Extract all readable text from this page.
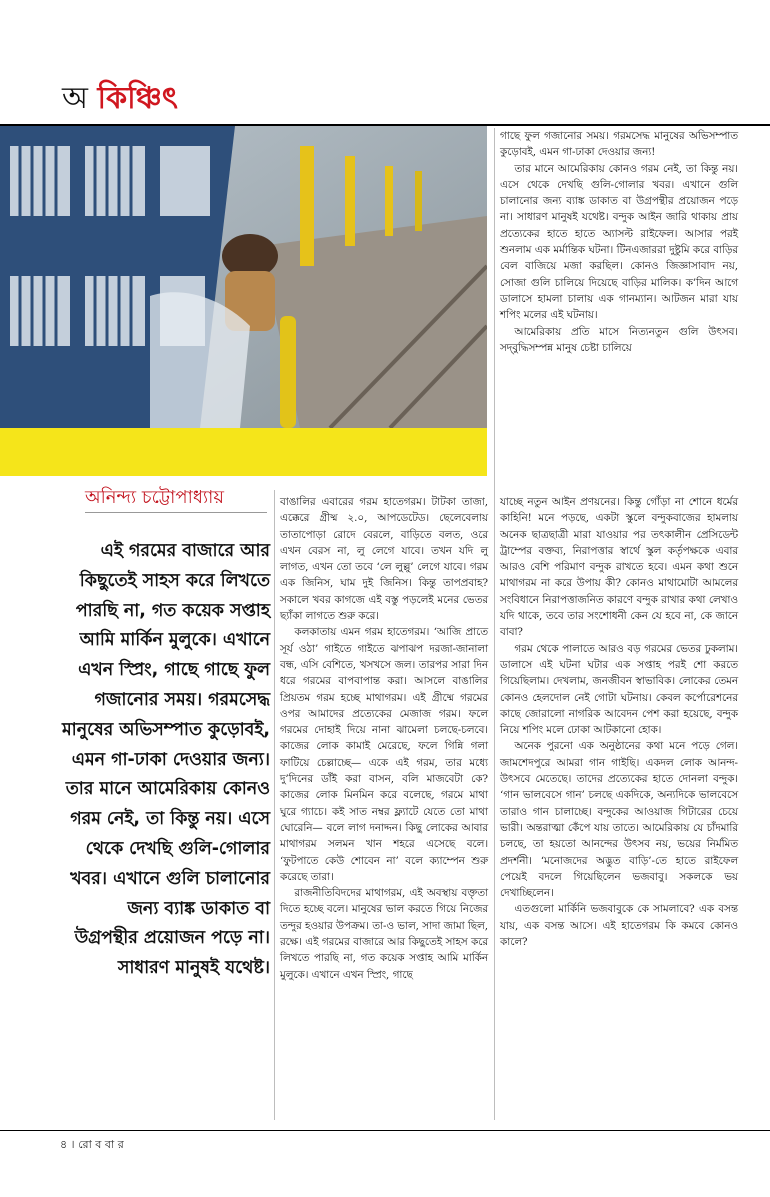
অ কিঞ্চিৎ

গাছে ফুল গজানোর সময়। গরমসেদ্ধ মানুষের অভিসম্পাত কুড়োবই, এমন গা-ঢাকা দেওয়ার জন্য!

তার মানে আমেরিকায় কোনও গরম নেই, তা কিন্তু নয়। এসে থেকে দেখছি গুলি-গোলার খবর। এখানে গুলি চালানোর জন্য ব্যাঙ্ক ডাকাত বা উগ্রপন্থীর প্রয়োজন পড়ে না। সাধারণ মানুষই যথেষ্ট। বন্দুক আইন জারি থাকায় প্রায় প্রত্যেকের হাতে হাতে অ্যাসল্ট রাইফেল। আসার পরই শুনলাম এক মর্মান্তিক ঘটনা। টিনএজাররা দুষ্টুমি করে বাড়ির বেল বাজিয়ে মজা করছিল। কোনও জিজ্ঞাসাবাদ নয়, সোজা গুলি চালিয়ে দিয়েছে বাড়ির মালিক। ক’দিন আগে ডালাসে হামলা চালায় এক গানম্যান। আটজন মারা যায় শপিং মলের এই ঘটনায়।

আমেরিকায় প্রতি মাসে নিত্যনতুন গুলি উৎসব। সদ্‌বুদ্ধিসম্পন্ন মানুষ চেষ্টা চালিয়ে

অনিন্দ্য চট্টোপাধ্যায়
এই গরমের বাজারে আর কিছুতেই সাহস করে লিখতে পারছি না, গত কয়েক সপ্তাহ আমি মার্কিন মুলুকে। এখানে এখন স্প্রিং, গাছে গাছে ফুল গজানোর সময়। গরমসেদ্ধ মানুষের অভিসম্পাত কুড়োবই, এমন গা-ঢাকা দেওয়ার জন্য। তার মানে আমেরিকায় কোনও গরম নেই, তা কিন্তু নয়। এসে থেকে দেখছি গুলি-গোলার খবর। এখানে গুলি চালানোর জন্য ব্যাঙ্ক ডাকাত বা উগ্রপন্থীর প্রয়োজন পড়ে না। সাধারণ মানুষই যথেষ্ট।

বাঙালির এবারের গরম হাতেগরম। টাটকা তাজা, এক্কেরে গ্রীষ্ম ২.০, আপডেটেড। ছেলেবেলায় তাতাপোড়া রোদে বেরলে, বাড়িতে বলত, ওরে এখন বেরস না, লু লেগে যাবে। তখন যদি লু লাগত, এখন তো তবে ‘লে লুল্লু’ লেগে যাবে। গরম এক জিনিস, ঘাম দুই জিনিস। কিন্তু তাপপ্রবাহ? সকালে খবর কাগজে এই বস্তু পড়লেই মনের ভেতর ছ্যাঁকা লাগতে শুরু করে।

কলকাতায় এমন গরম হাতেগরম। ‘আজি প্রাতে সূর্য ওঠা’ গাইতে গাইতে ঝপাঝপ দরজা-জানালা বন্ধ, এসি বেশিতে, খসখসে জল। তারপর সারা দিন ধরে গরমের বাপবাপান্ত করা। আসলে বাঙালির প্রিয়তম গরম হচ্ছে মাথাগরম। এই গ্রীষ্মে গরমের ওপর আমাদের প্রত্যেকের মেজাজ গরম। ফলে গরমের দোহাই দিয়ে নানা ঝামেলা চলছে-চলবে। কাজের লোক কামাই মেরেছে, ফলে গিন্নি গলা ফাটিয়ে চেল্লাচ্ছে— একে এই গরম, তার মধ্যে দু’দিনের ডাঁই করা বাসন, বলি মাজবেটা কে? কাজের লোক মিনমিন করে বলেছে, গরমে মাথা ঘুরে গ্যাচে। কই সাত নম্বর ফ্ল্যাটে যেতে তো মাথা ঘোরেনি— বলে লাগ দনাদ্দন। কিছু লোকের আবার মাথাগরম সলমন খান শহরে এসেছে বলে। ‘ফুটপাতে কেউ শোবেন না’ বলে ক্যাম্পেন শুরু করেছে তারা।

রাজনীতিবিদদের মাথাগরম, এই অবস্থায় বক্তৃতা দিতে হচ্ছে বলে। মানুষের ভাল করতে গিয়ে নিজের তন্দুর হওয়ার উপক্রম। তা-ও ভাল, সাদা জামা ছিল, রক্ষে। এই গরমের বাজারে আর কিছুতেই সাহস করে লিখতে পারছি না, গত কয়েক সপ্তাহ আমি মার্কিন মুলুকে। এখানে এখন স্প্রিং, গাছে

যাচ্ছে নতুন আইন প্রণয়নের। কিন্তু গোঁড়া না শোনে ধর্মের কাহিনি! মনে পড়ছে, একটা স্কুলে বন্দুকবাজের হামলায় অনেক ছাত্রছাত্রী মারা যাওয়ার পর তৎকালীন প্রেসিডেন্ট ট্রাম্পের বক্তব্য, নিরাপত্তার স্বার্থে স্কুল কর্তৃপক্ষকে এবার আরও বেশি পরিমাণ বন্দুক রাখতে হবে। এমন কথা শুনে মাথাগরম না করে উপায় কী? কোনও মাথামোটা আমলের সংবিধানে নিরাপত্তাজনিত কারণে বন্দুক রাখার কথা লেখাও যদি থাকে, তবে তার সংশোধনী কেন যে হবে না, কে জানে বাবা?

গরম থেকে পালাতে আরও বড় গরমের ভেতর ঢুকলাম। ডালাসে এই ঘটনা ঘটার এক সপ্তাহ পরই শো করতে গিয়েছিলাম। দেখলাম, জনজীবন স্বাভাবিক। লোকের তেমন কোনও হেলদোল নেই গোটা ঘটনায়। কেবল কর্পোরেশনের কাছে জোরালো নাগরিক আবেদন পেশ করা হয়েছে, বন্দুক নিয়ে শপিং মলে ঢোকা আটকানো হোক।

অনেক পুরনো এক অনুষ্ঠানের কথা মনে পড়ে গেল। জামশেদপুরে আমরা গান গাইছি। একদল লোক আনন্দ-উৎসবে মেতেছে। তাদের প্রত্যেকের হাতে দোনলা বন্দুক। ‘গান ভালবেসে গান’ চলছে একদিকে, অন্যদিকে ভালবেসে তারাও গান চালাচ্ছে। বন্দুকের আওয়াজ গিটারের চেয়ে ভারী। অন্তরাত্মা কেঁপে যায় তাতে। আমেরিকায় যে চাঁদমারি চলছে, তা হয়তো আনন্দের উৎসব নয়, ভয়ের নির্মমিত প্রদর্শনী। ‘মনোজদের অদ্ভুত বাড়ি’-তে হাতে রাইফেল পেয়েই বদলে গিয়েছিলেন ভজবাবু। সকলকে ভয় দেখাচ্ছিলেন।

এতগুলো মার্কিনি ভজবাবুকে কে সামলাবে? এক বসন্ত যায়, এক বসন্ত আসে। এই হাতেগরম কি কমবে কোনও কালে?

৪ । রো ব বা র
